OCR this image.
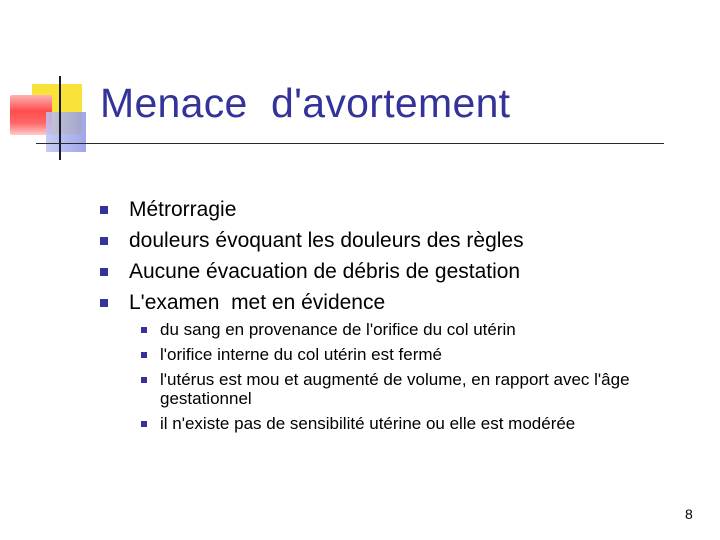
Menace  d'avortement
Métrorragie
douleurs évoquant les douleurs des règles
Aucune évacuation de débris de gestation
L'examen  met en évidence
du sang en provenance de l'orifice du col utérin
l'orifice interne du col utérin est fermé
l'utérus est mou et augmenté de volume, en rapport avec l'âge gestationnel
il n'existe pas de sensibilité utérine ou elle est modérée
8
